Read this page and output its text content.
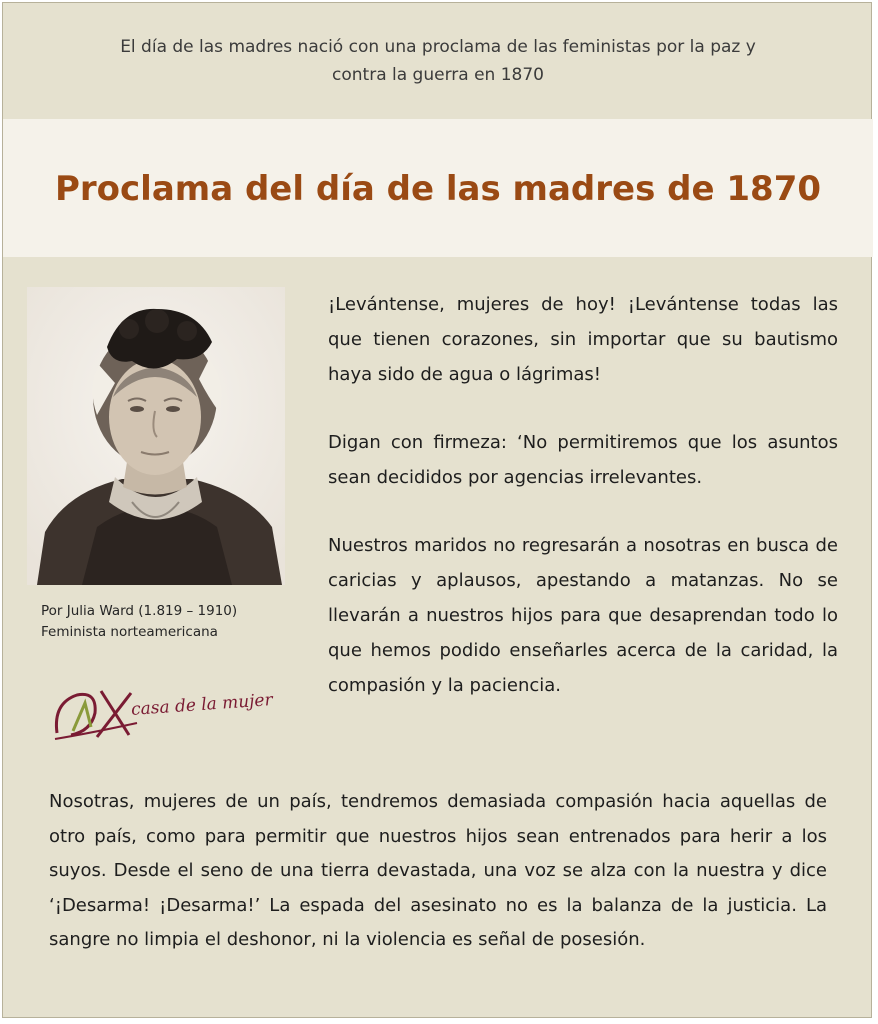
El día de las madres nació con una proclama de las feministas por la paz y
contra la guerra en 1870
Proclama del día de las madres de 1870
Por Julia Ward (1.819 – 1910)
Feminista norteamericana
casa de la mujer

¡Levántense, mujeres de hoy! ¡Levántense todas las que tienen corazones, sin importar que su bautismo haya sido de agua o lágrimas!

Digan con firmeza: ‘No permitiremos que los asuntos sean decididos por agencias irrelevantes.

Nuestros maridos no regresarán a nosotras en busca de caricias y aplausos, apestando a matanzas. No se llevarán a nuestros hijos para que desaprendan todo lo que hemos podido enseñarles acerca de la caridad, la compasión y la paciencia.

Nosotras, mujeres de un país, tendremos demasiada compasión hacia aquellas de otro país, como para permitir que nuestros hijos sean entrenados para herir a los suyos. Desde el seno de una tierra devastada, una voz se alza con la nuestra y dice ‘¡Desarma! ¡Desarma!’ La espada del asesinato no es la balanza de la justicia. La sangre no limpia el deshonor, ni la violencia es señal de posesión.
